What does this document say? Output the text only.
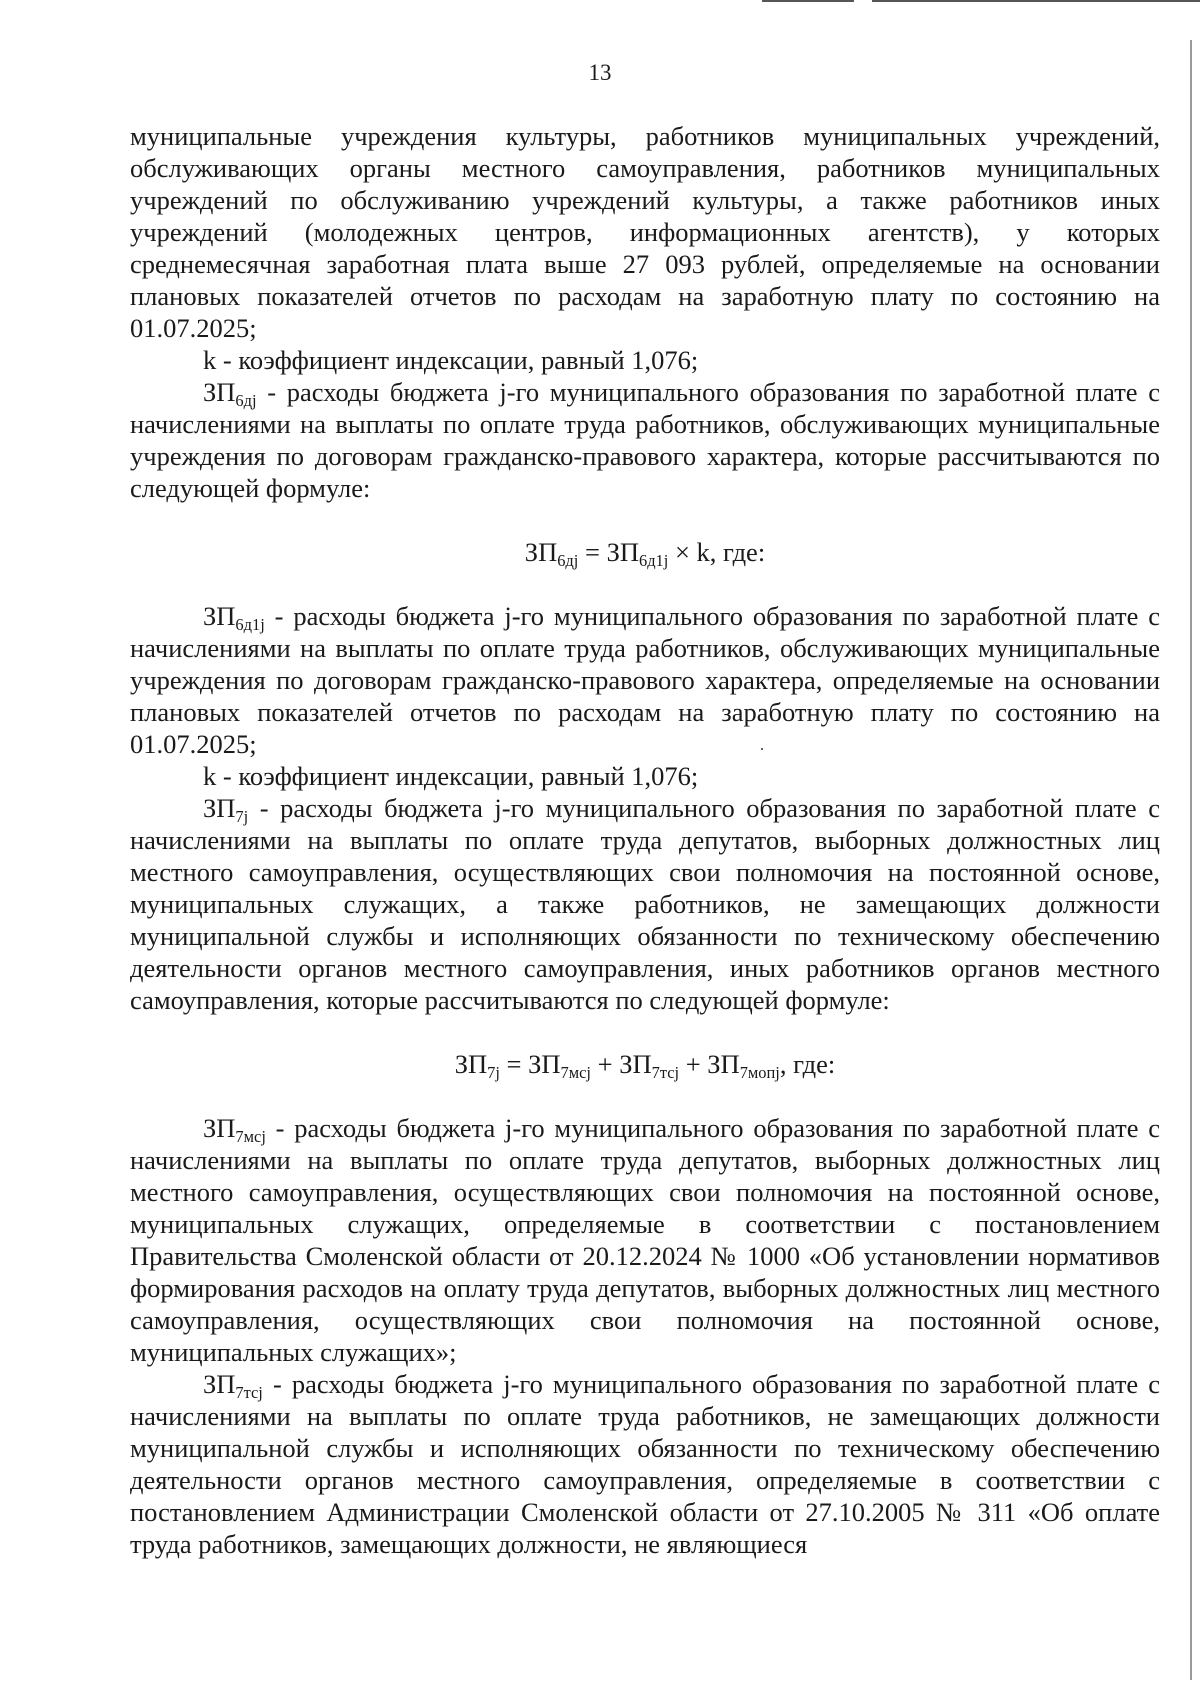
13

муниципальные учреждения культуры, работников муниципальных учреждений, обслуживающих органы местного самоуправления, работников муниципальных учреждений по обслуживанию учреждений культуры, а также работников иных учреждений (молодежных центров, информационных агентств), у которых среднемесячная заработная плата выше 27 093 рублей, определяемые на основании плановых показателей отчетов по расходам на заработную плату по состоянию на 01.07.2025;

k - коэффициент индексации, равный 1,076;

$ЗП_{6дj}$ - расходы бюджета j-го муниципального образования по заработной плате с начислениями на выплаты по оплате труда работников, обслуживающих муниципальные учреждения по договорам гражданско-правового характера, которые рассчитываются по следующей формуле:

$ЗП_{6дj} = ЗП_{6д1j} \times k$, где:

$ЗП_{6д1j}$ - расходы бюджета j-го муниципального образования по заработной плате с начислениями на выплаты по оплате труда работников, обслуживающих муниципальные учреждения по договорам гражданско-правового характера, определяемые на основании плановых показателей отчетов по расходам на заработную плату по состоянию на 01.07.2025;

k - коэффициент индексации, равный 1,076;

$ЗП_{7j}$ - расходы бюджета j-го муниципального образования по заработной плате с начислениями на выплаты по оплате труда депутатов, выборных должностных лиц местного самоуправления, осуществляющих свои полномочия на постоянной основе, муниципальных служащих, а также работников, не замещающих должности муниципальной службы и исполняющих обязанности по техническому обеспечению деятельности органов местного самоуправления, иных работников органов местного самоуправления, которые рассчитываются по следующей формуле:

$ЗП_{7j} = ЗП_{7мсj} + ЗП_{7тсj} + ЗП_{7мопj}$, где:

$ЗП_{7мсj}$ - расходы бюджета j-го муниципального образования по заработной плате с начислениями на выплаты по оплате труда депутатов, выборных должностных лиц местного самоуправления, осуществляющих свои полномочия на постоянной основе, муниципальных служащих, определяемые в соответствии с постановлением Правительства Смоленской области от 20.12.2024 № 1000 «Об установлении нормативов формирования расходов на оплату труда депутатов, выборных должностных лиц местного самоуправления, осуществляющих свои полномочия на постоянной основе, муниципальных служащих»;

$ЗП_{7тсj}$ - расходы бюджета j-го муниципального образования по заработной плате с начислениями на выплаты по оплате труда работников, не замещающих должности муниципальной службы и исполняющих обязанности по техническому обеспечению деятельности органов местного самоуправления, определяемые в соответствии с постановлением Администрации Смоленской области от 27.10.2005 № 311 «Об оплате труда работников, замещающих должности, не являющиеся
